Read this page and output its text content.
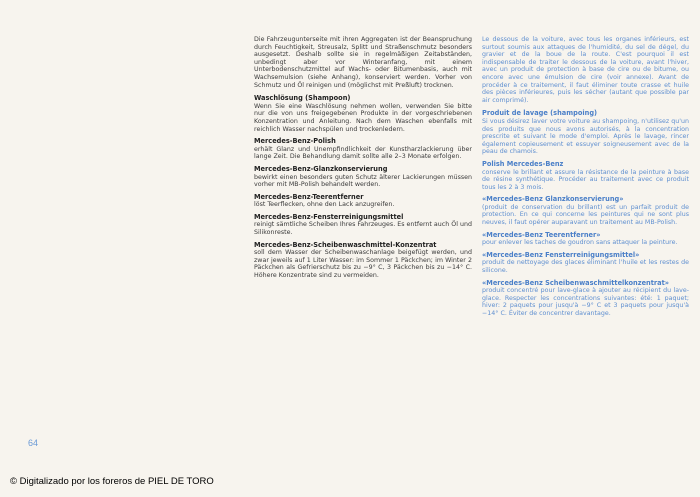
Die Fahrzeugunterseite mit ihren Aggregaten ist der Beanspruchung durch Feuchtigkeit, Streusalz, Splitt und Straßenschmutz besonders ausgesetzt. Deshalb sollte sie in regelmäßigen Zeitabständen, unbedingt aber vor Winteranfang, mit einem Unterbodenschutzmittel auf Wachs- oder Bitumenbasis, auch mit Wachsemulsion (siehe Anhang), konserviert werden. Vorher von Schmutz und Öl reinigen und (möglichst mit Preßluft) trocknen.

Waschlösung (Shampoon)

Wenn Sie eine Waschlösung nehmen wollen, verwenden Sie bitte nur die von uns freigegebenen Produkte in der vorgeschriebenen Konzentration und Anleitung. Nach dem Waschen ebenfalls mit reichlich Wasser nachspülen und trockenledern.

Mercedes-Benz-Polish

erhält Glanz und Unempfindlichkeit der Kunstharzlackierung über lange Zeit. Die Behandlung damit sollte alle 2–3 Monate erfolgen.

Mercedes-Benz-Glanzkonservierung

bewirkt einen besonders guten Schutz älterer Lackierungen müssen vorher mit MB-Polish behandelt werden.

Mercedes-Benz-Teerentferner

löst Teerflecken, ohne den Lack anzugreifen.

Mercedes-Benz-Fensterreinigungsmittel

reinigt sämtliche Scheiben Ihres Fahrzeuges. Es entfernt auch Öl und Silikonreste.

Mercedes-Benz-Scheibenwaschmittel-Konzentrat

soll dem Wasser der Scheibenwaschanlage beigefügt werden, und zwar jeweils auf 1 Liter Wasser: im Sommer 1 Päckchen; im Winter 2 Päckchen als Gefrierschutz bis zu −9° C, 3 Päckchen bis zu −14° C. Höhere Konzentrate sind zu vermeiden.

Le dessous de la voiture, avec tous les organes inférieurs, est surtout soumis aux attaques de l'humidité, du sel de dégel, du gravier et de la boue de la route. C'est pourquoi il est indispensable de traiter le dessous de la voiture, avant l'hiver, avec un produit de protection à base de cire ou de bitume, ou encore avec une émulsion de cire (voir annexe). Avant de procéder à ce traitement, il faut éliminer toute crasse et huile des pièces inférieures, puis les sécher (autant que possible par air comprimé).

Produit de lavage (shampoing)

Si vous désirez laver votre voiture au shampoing, n'utilisez qu'un des produits que nous avons autorisés, à la concentration prescrite et suivant le mode d'emploi. Après le lavage, rincer également copieusement et essuyer soigneusement avec de la peau de chamois.

Polish Mercedes-Benz

conserve le brillant et assure la résistance de la peinture à base de résine synthétique. Procéder au traitement avec ce produit tous les 2 à 3 mois.

«Mercedes-Benz Glanzkonservierung»

(produit de conservation du brillant) est un parfait produit de protection. En ce qui concerne les peintures qui ne sont plus neuves, il faut opérer auparavant un traitement au MB-Polish.

«Mercedes-Benz Teerentferner»

pour enlever les taches de goudron sans attaquer la peinture.

«Mercedes-Benz Fensterreinigungsmittel»

produit de nettoyage des glaces éliminant l'huile et les restes de silicone.

«Mercedes-Benz Scheibenwaschmittelkonzentrat»

produit concentré pour lave-glace à ajouter au récipient du lave-glace. Respecter les concentrations suivantes: été: 1 paquet; hiver: 2 paquets pour jusqu'à −9° C et 3 paquets pour jusqu'à −14° C. Éviter de concentrer davantage.

64
© Digitalizado por los foreros de PIEL DE TORO
